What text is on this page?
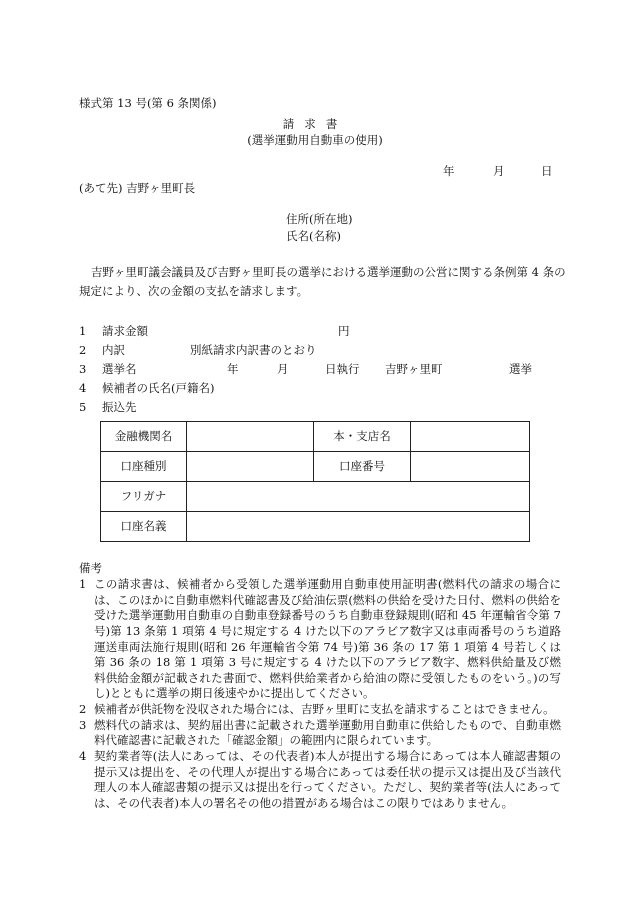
様式第 13 号(第 6 条関係)
請求書
(選挙運動用自動車の使用)
年	月	日
(あて先) 吉野ヶ里町長
住所(所在地)
氏名(名称)
吉野ヶ里町議会議員及び吉野ヶ里町長の選挙における選挙運動の公営に関する条例第 4 条の規定により、次の金額の支払を請求します。
1 請求金額	円
2 内訳	別紙請求内訳書のとおり
3 選挙名	年	月	日執行 吉野ヶ里町	選挙
4 候補者の氏名(戸籍名)
5 振込先
金融機関名		本・支店名	
口座種別		口座番号	
フリガナ			
口座名義			
備考
1 この請求書は、候補者から受領した選挙運動用自動車使用証明書(燃料代の請求の場合には、このほかに自動車燃料代確認書及び給油伝票(燃料の供給を受けた日付、燃料の供給を受けた選挙運動用自動車の自動車登録番号のうち自動車登録規則(昭和 45 年運輸省令第 7 号)第 13 条第 1 項第 4 号に規定する 4 けた以下のアラビア数字又は車両番号のうち道路運送車両法施行規則(昭和 26 年運輸省令第 74 号)第 36 条の 17 第 1 項第 4 号若しくは第 36 条の 18 第 1 項第 3 号に規定する 4 けた以下のアラビア数字、燃料供給量及び燃料供給金額が記載された書面で、燃料供給業者から給油の際に受領したものをいう。)の写し)とともに選挙の期日後速やかに提出してください。
2 候補者が供託物を没収された場合には、吉野ヶ里町に支払を請求することはできません。
3 燃料代の請求は、契約届出書に記載された選挙運動用自動車に供給したもので、自動車燃料代確認書に記載された「確認金額」の範囲内に限られています。
4 契約業者等(法人にあっては、その代表者)本人が提出する場合にあっては本人確認書類の提示又は提出を、その代理人が提出する場合にあっては委任状の提示又は提出及び当該代理人の本人確認書類の提示又は提出を行ってください。ただし、契約業者等(法人にあっては、その代表者)本人の署名その他の措置がある場合はこの限りではありません。
